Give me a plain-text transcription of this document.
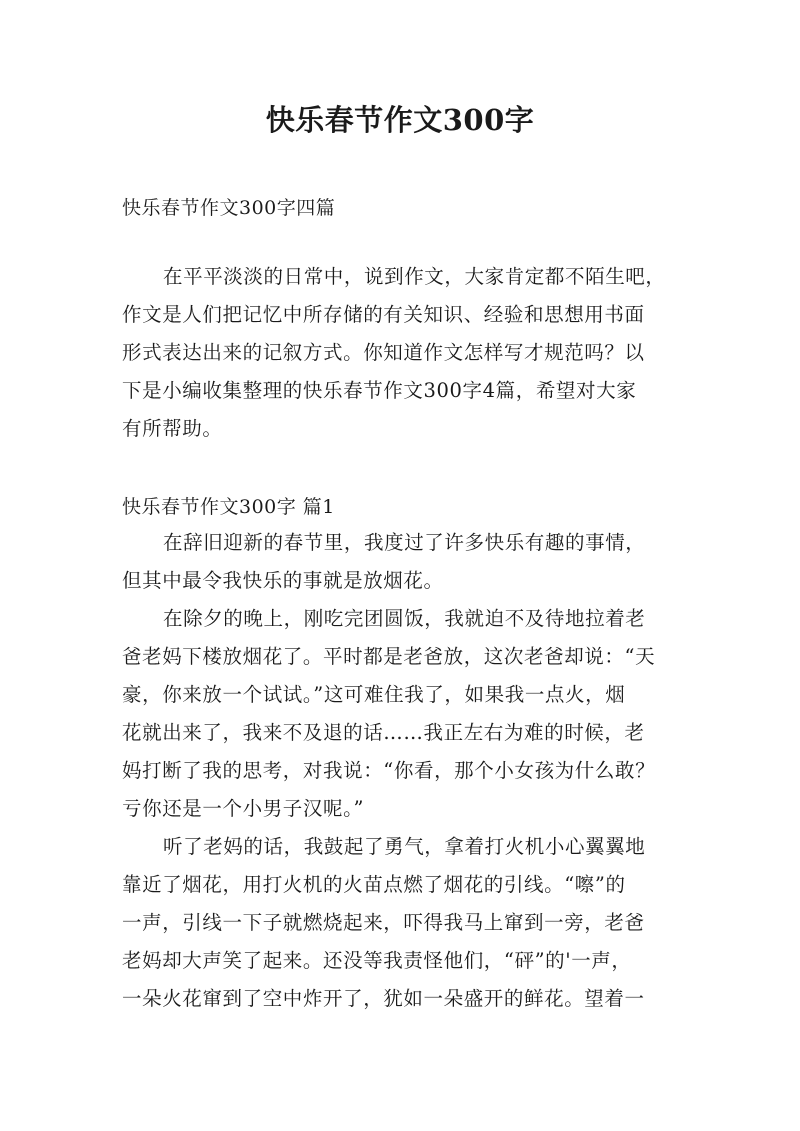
快乐春节作文300字

快乐春节作文300字四篇

在平平淡淡的日常中，说到作文，大家肯定都不陌生吧，
作文是人们把记忆中所存储的有关知识、经验和思想用书面
形式表达出来的记叙方式。你知道作文怎样写才规范吗？以
下是小编收集整理的快乐春节作文300字4篇，希望对大家
有所帮助。

快乐春节作文300字 篇1

在辞旧迎新的春节里，我度过了许多快乐有趣的事情，
但其中最令我快乐的事就是放烟花。
在除夕的晚上，刚吃完团圆饭，我就迫不及待地拉着老
爸老妈下楼放烟花了。平时都是老爸放，这次老爸却说：“天
豪，你来放一个试试。”这可难住我了，如果我一点火，烟
花就出来了，我来不及退的话……我正左右为难的时候，老
妈打断了我的思考，对我说：“你看，那个小女孩为什么敢？
亏你还是一个小男子汉呢。”
听了老妈的话，我鼓起了勇气，拿着打火机小心翼翼地
靠近了烟花，用打火机的火苗点燃了烟花的引线。“嚓”的
一声，引线一下子就燃烧起来，吓得我马上窜到一旁，老爸
老妈却大声笑了起来。还没等我责怪他们，“砰”的'一声，
一朵火花窜到了空中炸开了，犹如一朵盛开的鲜花。望着一
